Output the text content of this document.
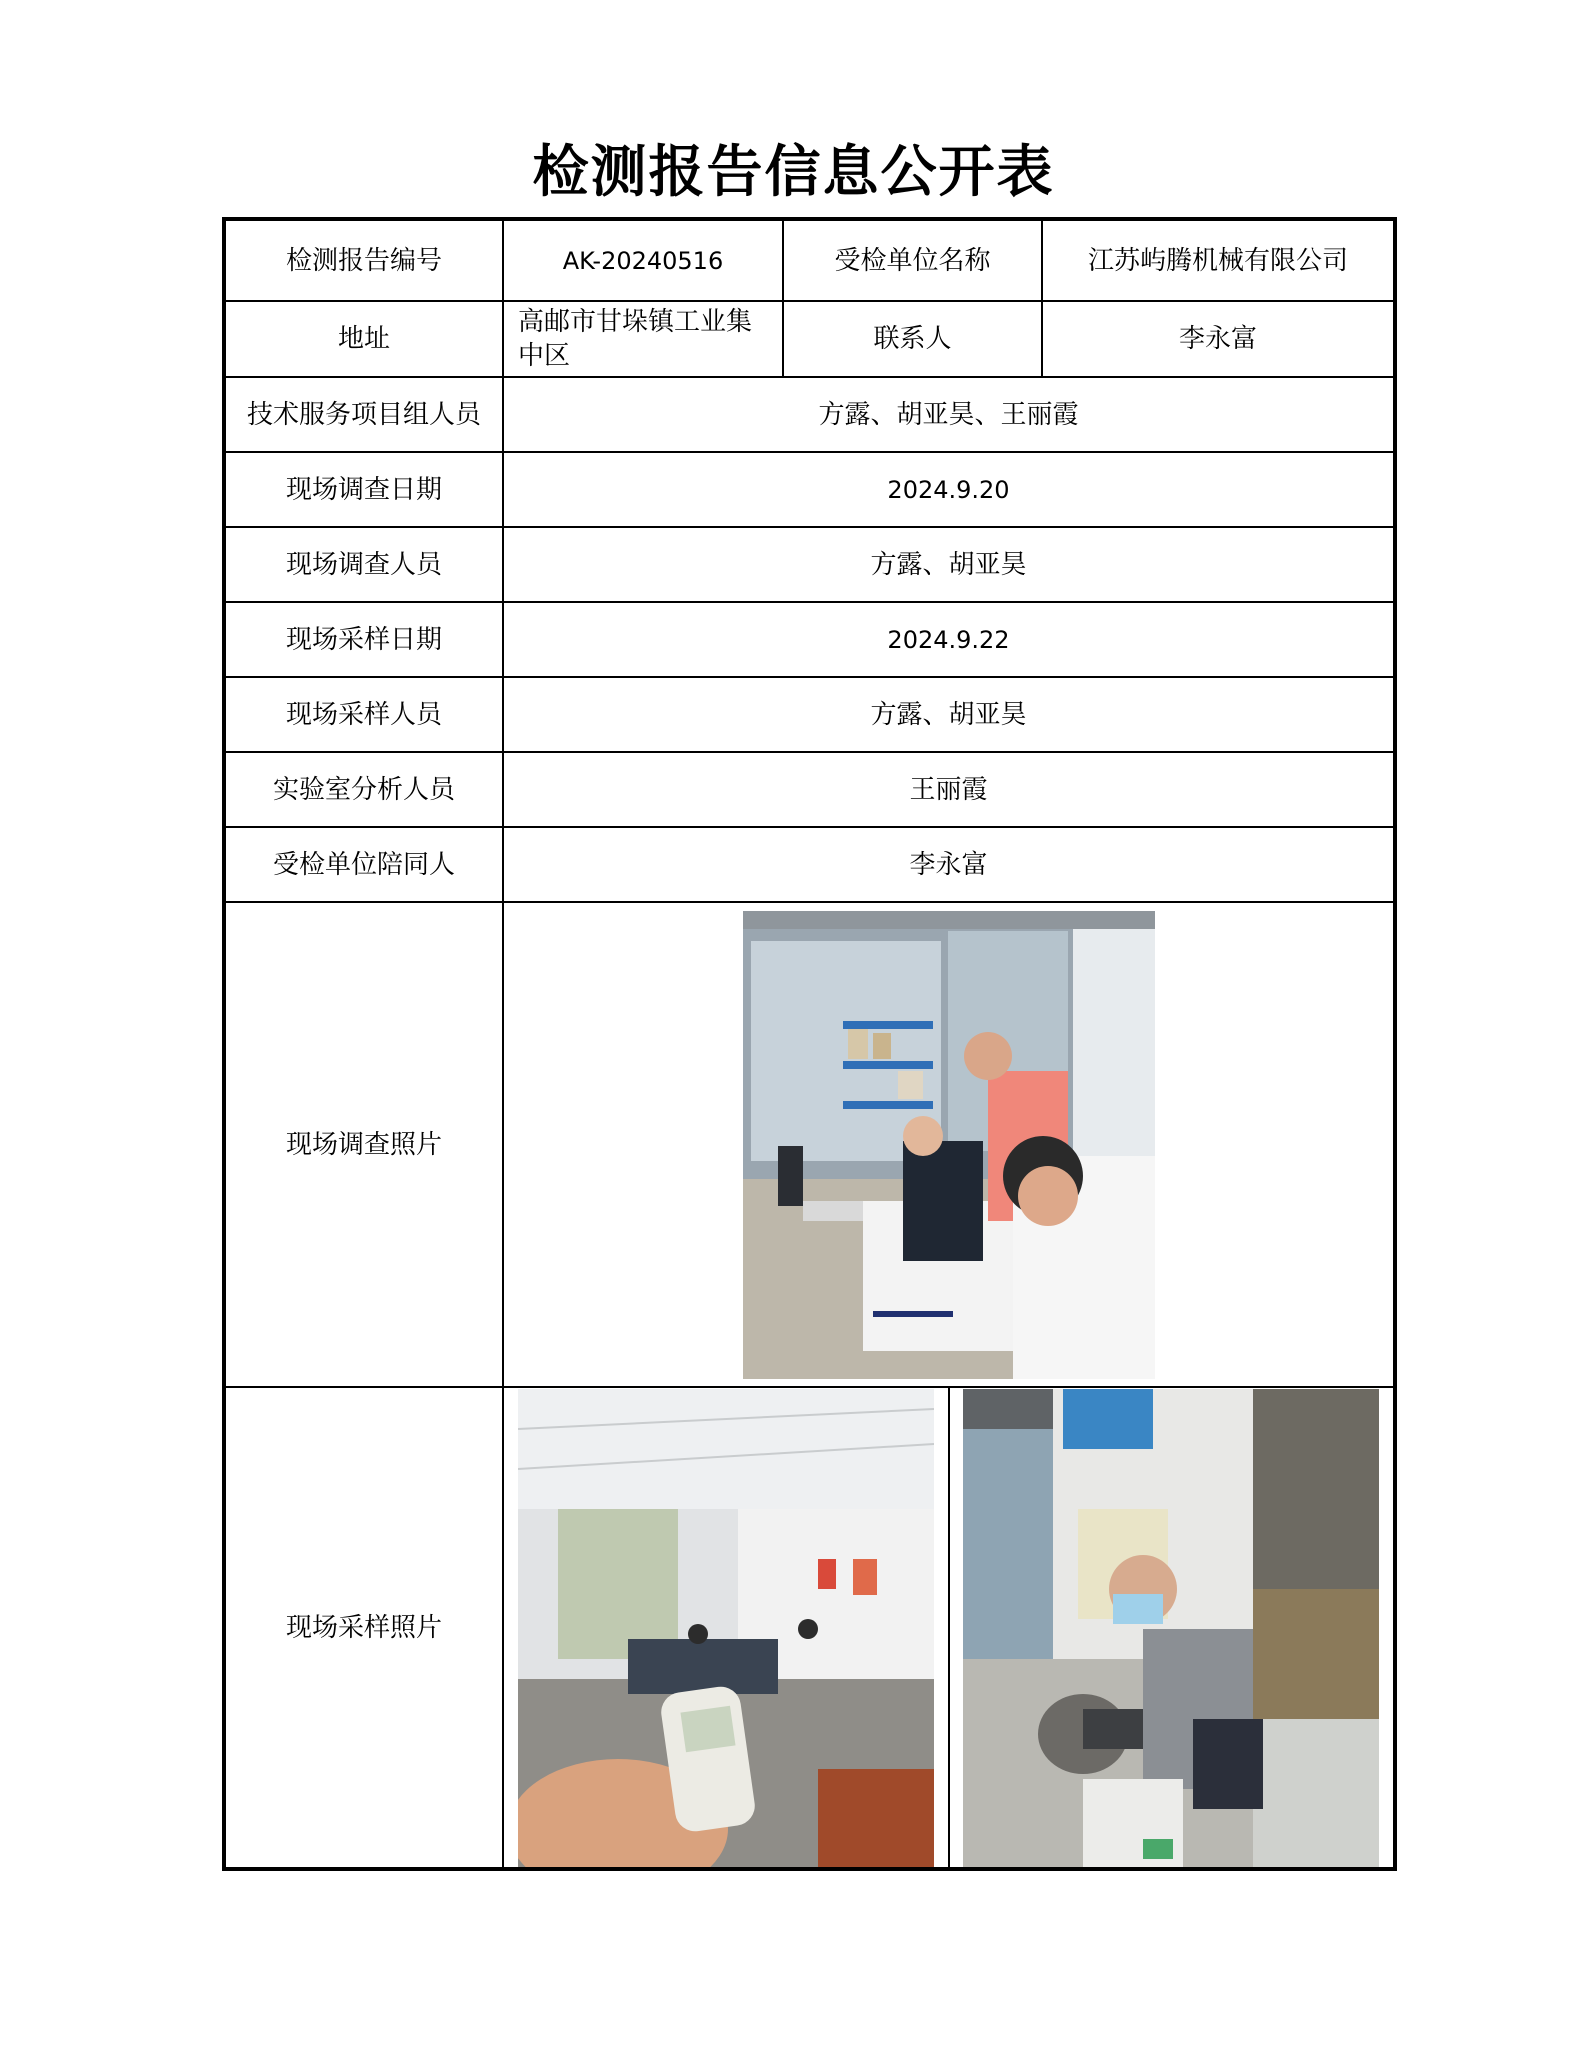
检测报告信息公开表
检测报告编号	AK-20240516	受检单位名称	江苏屿腾机械有限公司
地址	高邮市甘垛镇工业集中区	联系人	李永富
技术服务项目组人员	方露、胡亚昊、王丽霞		
现场调查日期	2024.9.20		
现场调查人员	方露、胡亚昊		
现场采样日期	2024.9.22		
现场采样人员	方露、胡亚昊		
实验室分析人员	王丽霞		
受检单位陪同人	李永富		
现场调查照片	

现场采样照片	
